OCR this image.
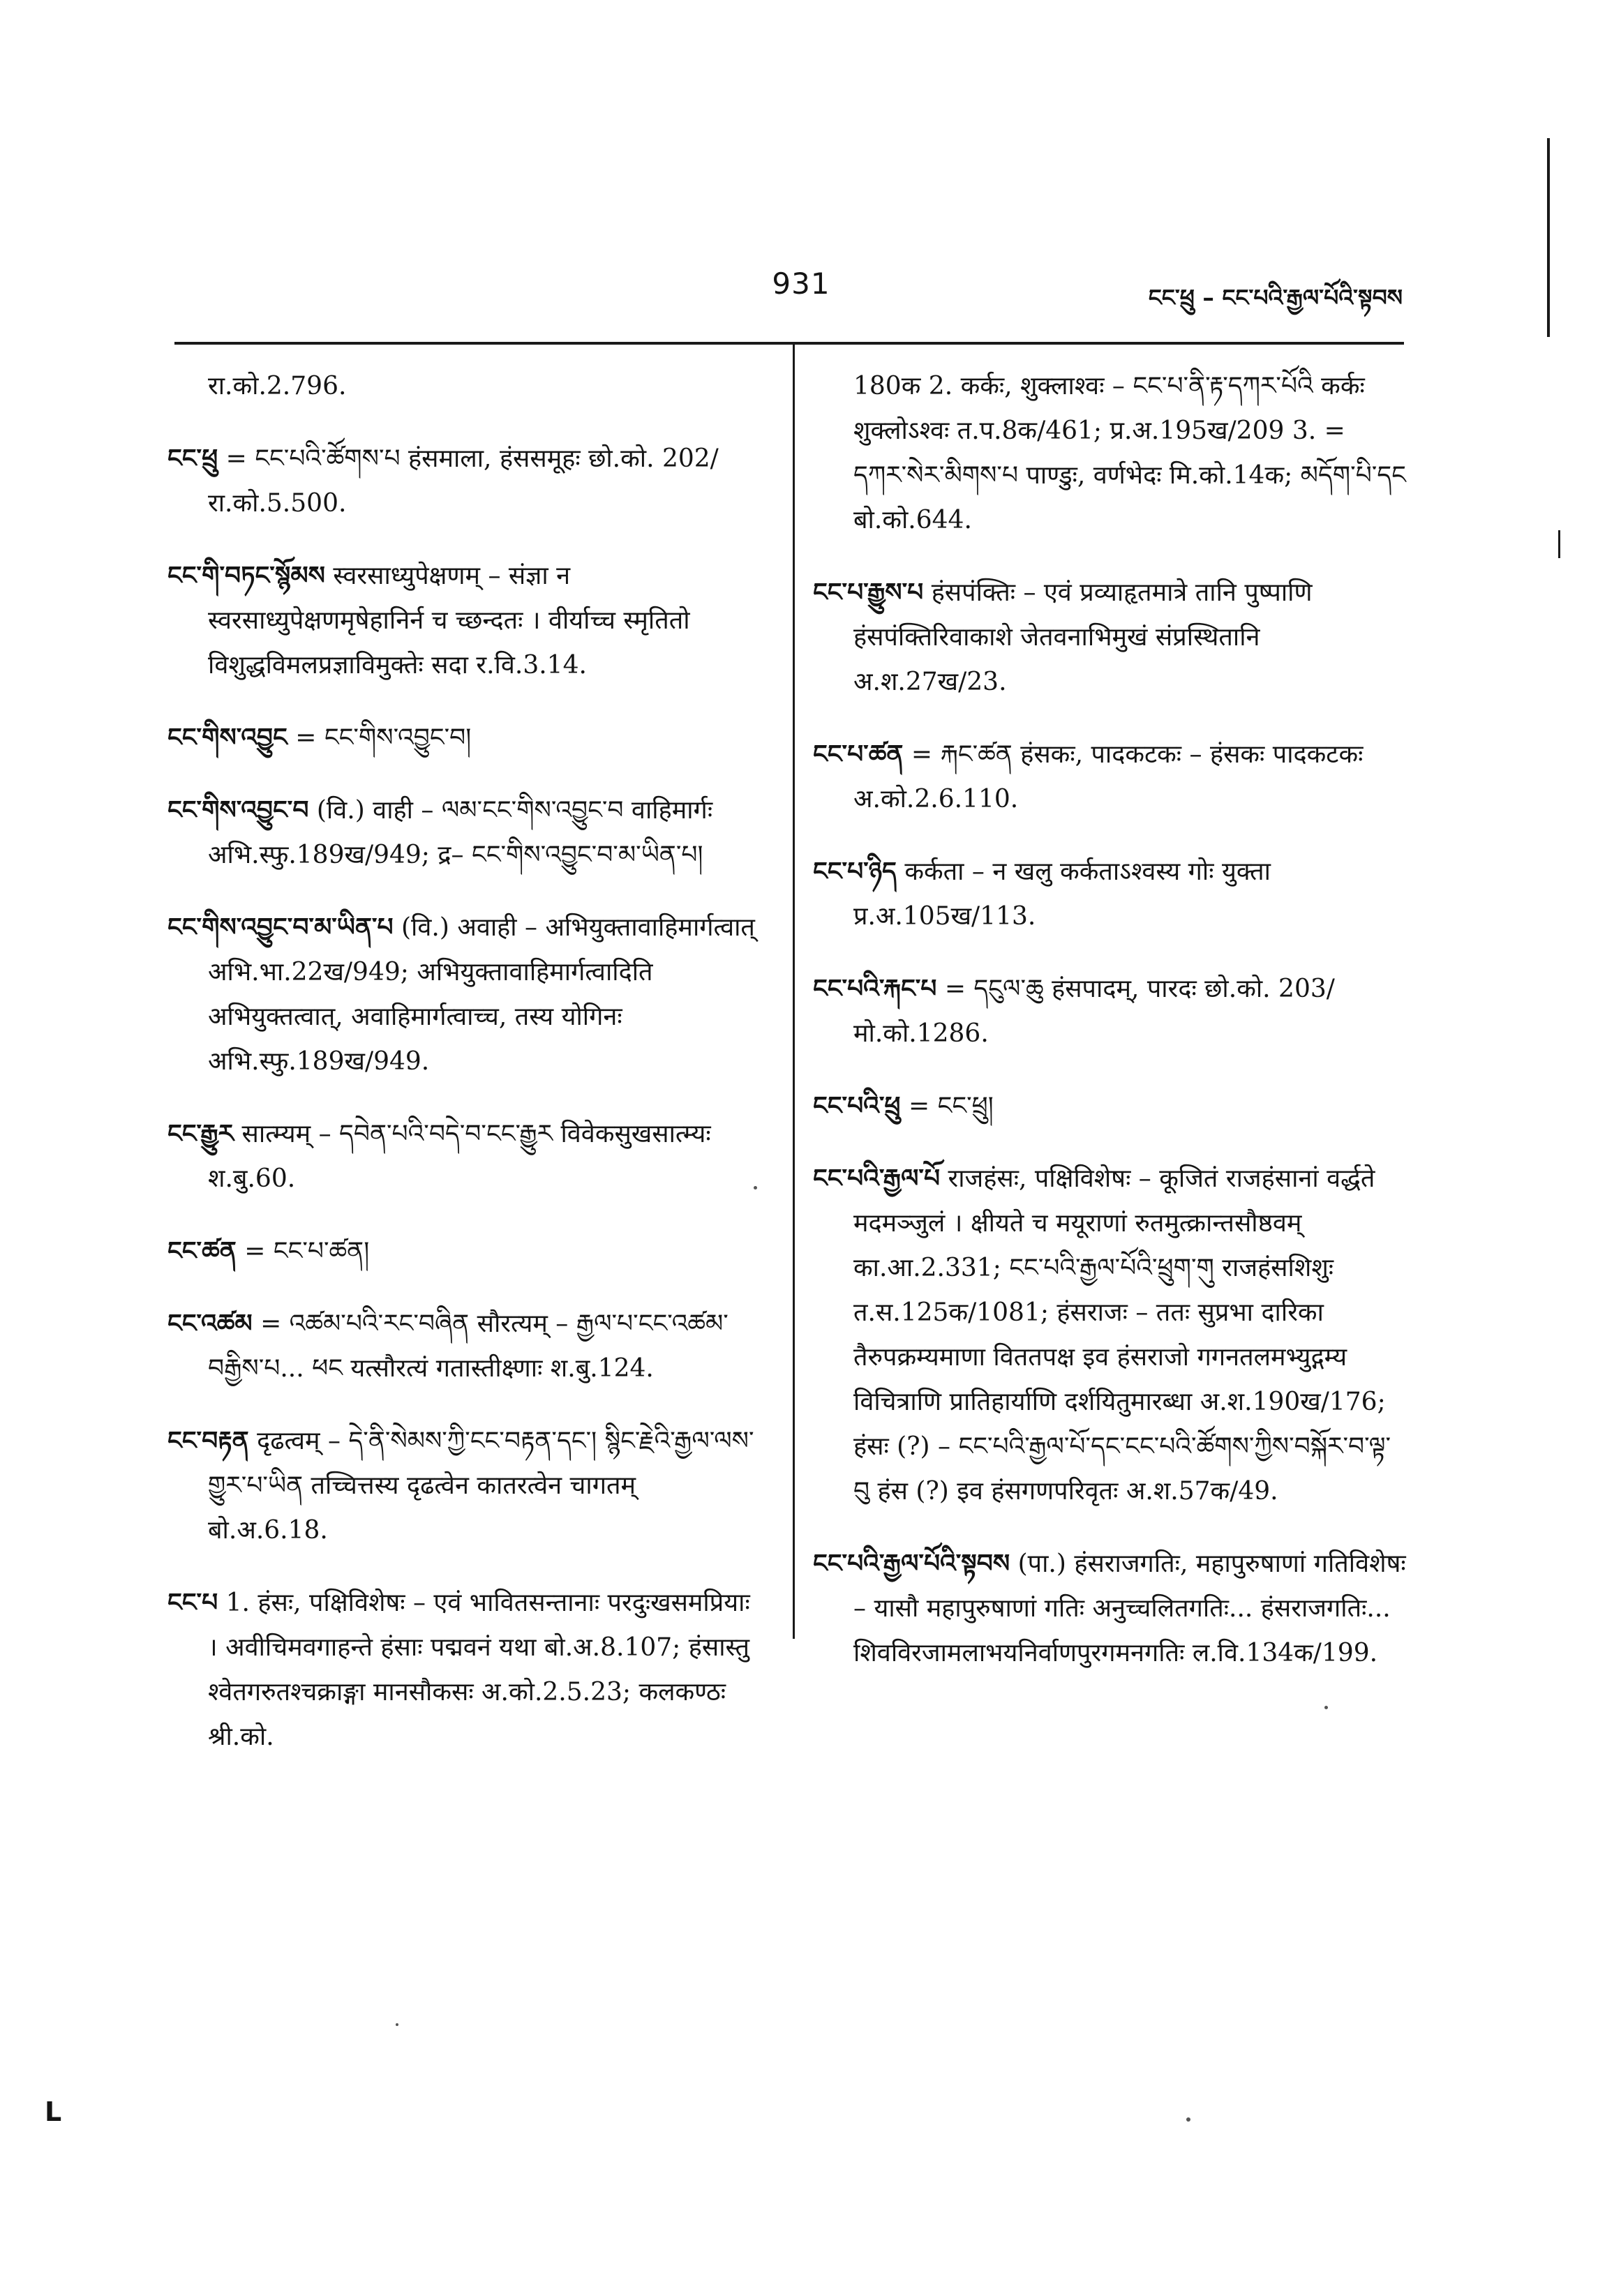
931	ངང་ཕྲུ – ངང་པའི་རྒྱལ་པོའི་སྟབས
रा.को.2.796.
ངང་ཕྲུ = ངང་པའི་ཚོགས་པ हंसमाला, हंससमूहः छो.को. 202/रा.को.5.500.
ངང་གི་བཏང་སྙོམས स्वरसाध्युपेक्षणम् – संज्ञा न स्वरसाध्युपेक्षणमृषेहानिर्न च च्छन्दतः । वीर्याच्च स्मृतितो विशुद्धविमलप्रज्ञाविमुक्तेः सदा र.वि.3.14.
ངང་གིས་འབྱུང = ངང་གིས་འབྱུང་བ།
ངང་གིས་འབྱུང་བ (वि.) वाही – ལམ་ངང་གིས་འབྱུང་བ वाहिमार्गः अभि.स्फु.189ख/949; द्र– ངང་གིས་འབྱུང་བ་མ་ཡིན་པ།
ངང་གིས་འབྱུང་བ་མ་ཡིན་པ (वि.) अवाही – अभियुक्तावाहिमार्गत्वात् अभि.भा.22ख/949; अभियुक्तावाहिमार्गत्वादिति अभियुक्तत्वात्, अवाहिमार्गत्वाच्च, तस्य योगिनः अभि.स्फु.189ख/949.
ངང་རྒྱུར सात्म्यम् – དབེན་པའི་བདེ་བ་ངང་རྒྱུར विवेकसुखसात्म्यः श.बु.60.
ངང་ཚན = ངང་པ་ཚན།
ངང་འཚམ = འཚམ་པའི་རང་བཞིན सौरत्यम् – རྒྱལ་པ་ངང་འཚམ་བརྒྱིས་པ... ཕང यत्सौरत्यं गतास्तीक्ष्णाः श.बु.124.
ངང་བརྟན दृढत्वम् – དེ་ནི་སེམས་ཀྱི་ངང་བརྟན་དང་། སྙིང་རྗེའི་རྒྱལ་ལས་གྱུར་པ་ཡིན तच्चित्तस्य दृढत्वेन कातरत्वेन चागतम् बो.अ.6.18.
ངང་པ 1. हंसः, पक्षिविशेषः – एवं भावितसन्तानाः परदुःखसमप्रियाः । अवीचिमवगाहन्ते हंसाः पद्मवनं यथा बो.अ.8.107; हंसास्तु श्वेतगरुतश्चक्राङ्गा मानसौकसः अ.को.2.5.23; कलकण्ठः श्री.को.
180क 2. कर्कः, शुक्लाश्वः – ངང་པ་ནི་རྟ་དཀར་པོའི कर्कः शुक्लोऽश्वः त.प.8क/461; प्र.अ.195ख/209 3. = དཀར་སེར་མིགས་པ पाण्डुः, वर्णभेदः मि.को.14क; མདོག་པི་དང बो.को.644.
ངང་པ་རྒྱུས་པ हंसपंक्तिः – एवं प्रव्याहृतमात्रे तानि पुष्पाणि हंसपंक्तिरिवाकाशे जेतवनाभिमुखं संप्रस्थितानि अ.श.27ख/23.
ངང་པ་ཚན = རྐང་ཚན हंसकः, पादकटकः – हंसकः पादकटकः अ.को.2.6.110.
ངང་པ་ཉིད कर्कता – न खलु कर्कताऽश्वस्य गोः युक्ता प्र.अ.105ख/113.
ངང་པའི་རྐང་པ = དངུལ་ཆུ हंसपादम्, पारदः छो.को. 203/मो.को.1286.
ངང་པའི་ཕྲུ = ངང་ཕྲུ།
ངང་པའི་རྒྱལ་པོ राजहंसः, पक्षिविशेषः – कूजितं राजहंसानां वर्द्धते मदमञ्जुलं । क्षीयते च मयूराणां रुतमुत्क्रान्तसौष्ठवम् का.आ.2.331; ངང་པའི་རྒྱལ་པོའི་ཕྲུག་གུ राजहंसशिशुः त.स.125क/1081; हंसराजः – ततः सुप्रभा दारिका तैरुपक्रम्यमाणा विततपक्ष इव हंसराजो गगनतलमभ्युद्गम्य विचित्राणि प्रातिहार्याणि दर्शयितुमारब्धा अ.श.190ख/176; हंसः (?) – ངང་པའི་རྒྱལ་པོ་དང་ངང་པའི་ཚོགས་ཀྱིས་བསྐོར་བ་ལྟ་བུ हंस (?) इव हंसगणपरिवृतः अ.श.57क/49.
ངང་པའི་རྒྱལ་པོའི་སྟབས (पा.) हंसराजगतिः, महापुरुषाणां गतिविशेषः – यासौ महापुरुषाणां गतिः अनुच्चलितगतिः... हंसराजगतिः... शिवविरजामलाभयनिर्वाणपुरगमनगतिः ल.वि.134क/199.
L
